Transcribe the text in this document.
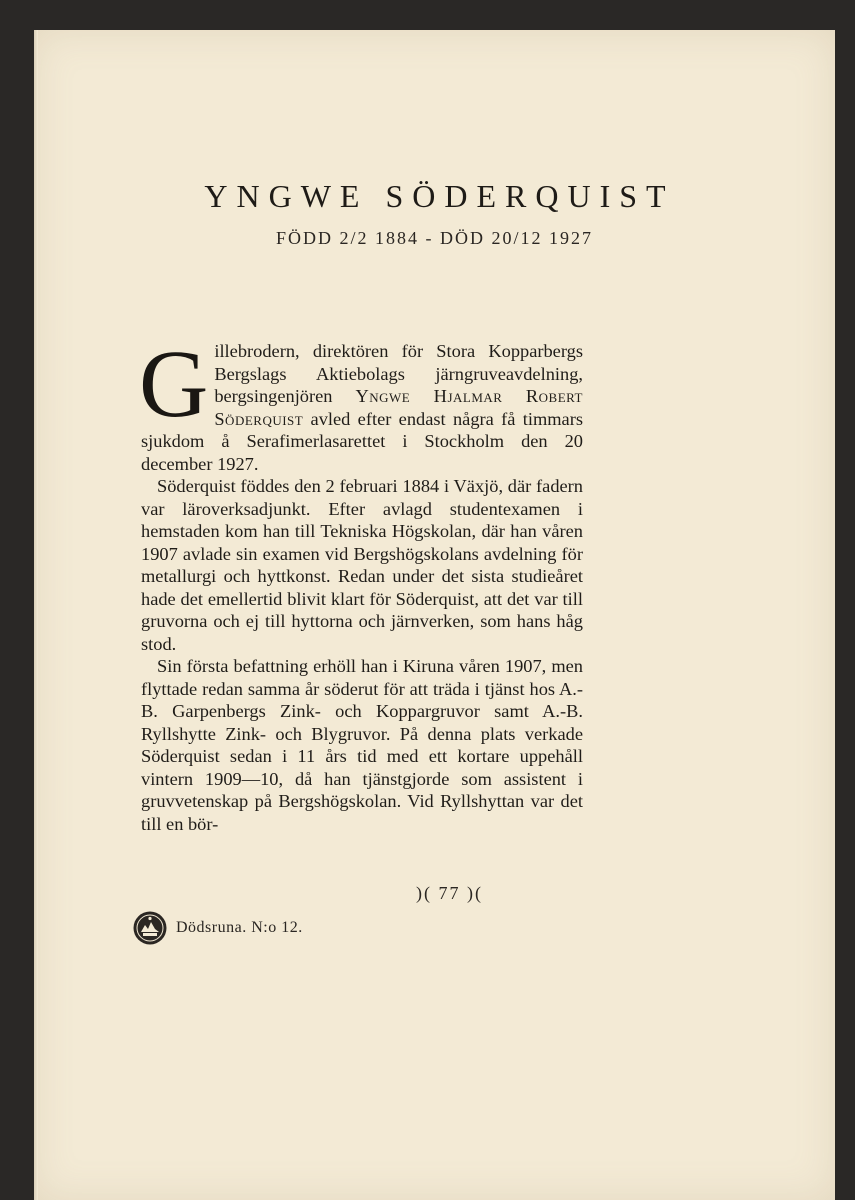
YNGWE SÖDERQUIST
FÖDD 2/2 1884 - DÖD 20/12 1927

Gillebrodern, direktören för Stora Kopparbergs Bergslags Aktiebolags järngruveavdelning, bergsingenjören Yngwe Hjalmar Robert Söderquist avled efter endast några få timmars sjukdom å Serafimerlasarettet i Stockholm den 20 december 1927.

Söderquist föddes den 2 februari 1884 i Växjö, där fadern var läroverksadjunkt. Efter avlagd studentexamen i hemstaden kom han till Tekniska Högskolan, där han våren 1907 avlade sin examen vid Bergshögskolans avdelning för metallurgi och hyttkonst. Redan under det sista studieåret hade det emellertid blivit klart för Söderquist, att det var till gruvorna och ej till hyttorna och järnverken, som hans håg stod.

Sin första befattning erhöll han i Kiruna våren 1907, men flyttade redan samma år söderut för att träda i tjänst hos A.-B. Garpenbergs Zink- och Koppargruvor samt A.-B. Ryllshytte Zink- och Blygruvor. På denna plats verkade Söderquist sedan i 11 års tid med ett kortare uppehåll vintern 1909—10, då han tjänstgjorde som assistent i gruvvetenskap på Bergshögskolan. Vid Ryllshyttan var det till en bör-

)( 77 )(
Dödsruna. N:o 12.
